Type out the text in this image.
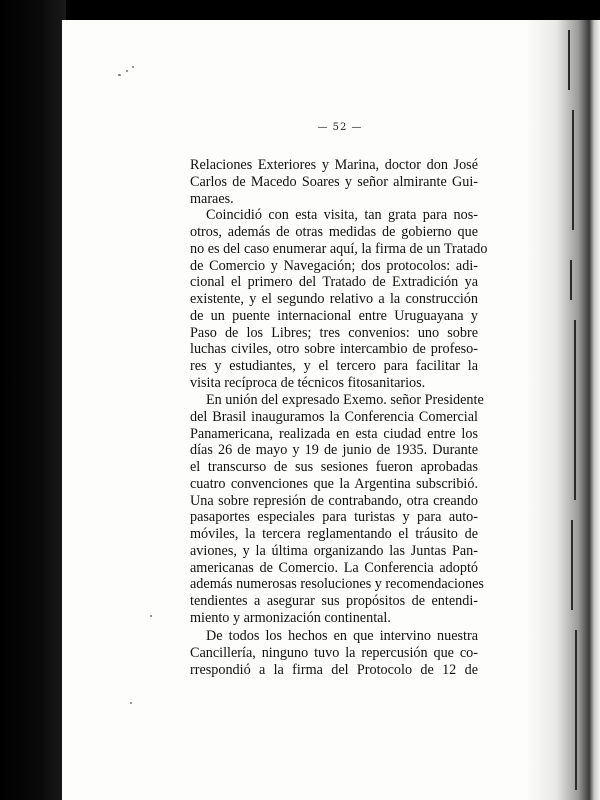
— 52 —
Relaciones Exteriores y Marina, doctor don José
Carlos de Macedo Soares y señor almirante Gui-
maraes.
Coincidió con esta visita, tan grata para nos-
otros, además de otras medidas de gobierno que
no es del caso enumerar aquí, la firma de un Tratado
de Comercio y Navegación; dos protocolos: adi-
cional el primero del Tratado de Extradición ya
existente, y el segundo relativo a la construcción
de un puente internacional entre Uruguayana y
Paso de los Libres; tres convenios: uno sobre
luchas civiles, otro sobre intercambio de profeso-
res y estudiantes, y el tercero para facilitar la
visita recíproca de técnicos fitosanitarios.
En unión del expresado Exemo. señor Presidente
del Brasil inauguramos la Conferencia Comercial
Panamericana, realizada en esta ciudad entre los
días 26 de mayo y 19 de junio de 1935. Durante
el transcurso de sus sesiones fueron aprobadas
cuatro convenciones que la Argentina subscribió.
Una sobre represión de contrabando, otra creando
pasaportes especiales para turistas y para auto-
móviles, la tercera reglamentando el tráusito de
aviones, y la última organizando las Juntas Pan-
americanas de Comercio. La Conferencia adoptó
además numerosas resoluciones y recomendaciones
tendientes a asegurar sus propósitos de entendi-
miento y armonización continental.
De todos los hechos en que intervino nuestra
Cancillería, ninguno tuvo la repercusión que co-
rrespondió a la firma del Protocolo de 12 de
